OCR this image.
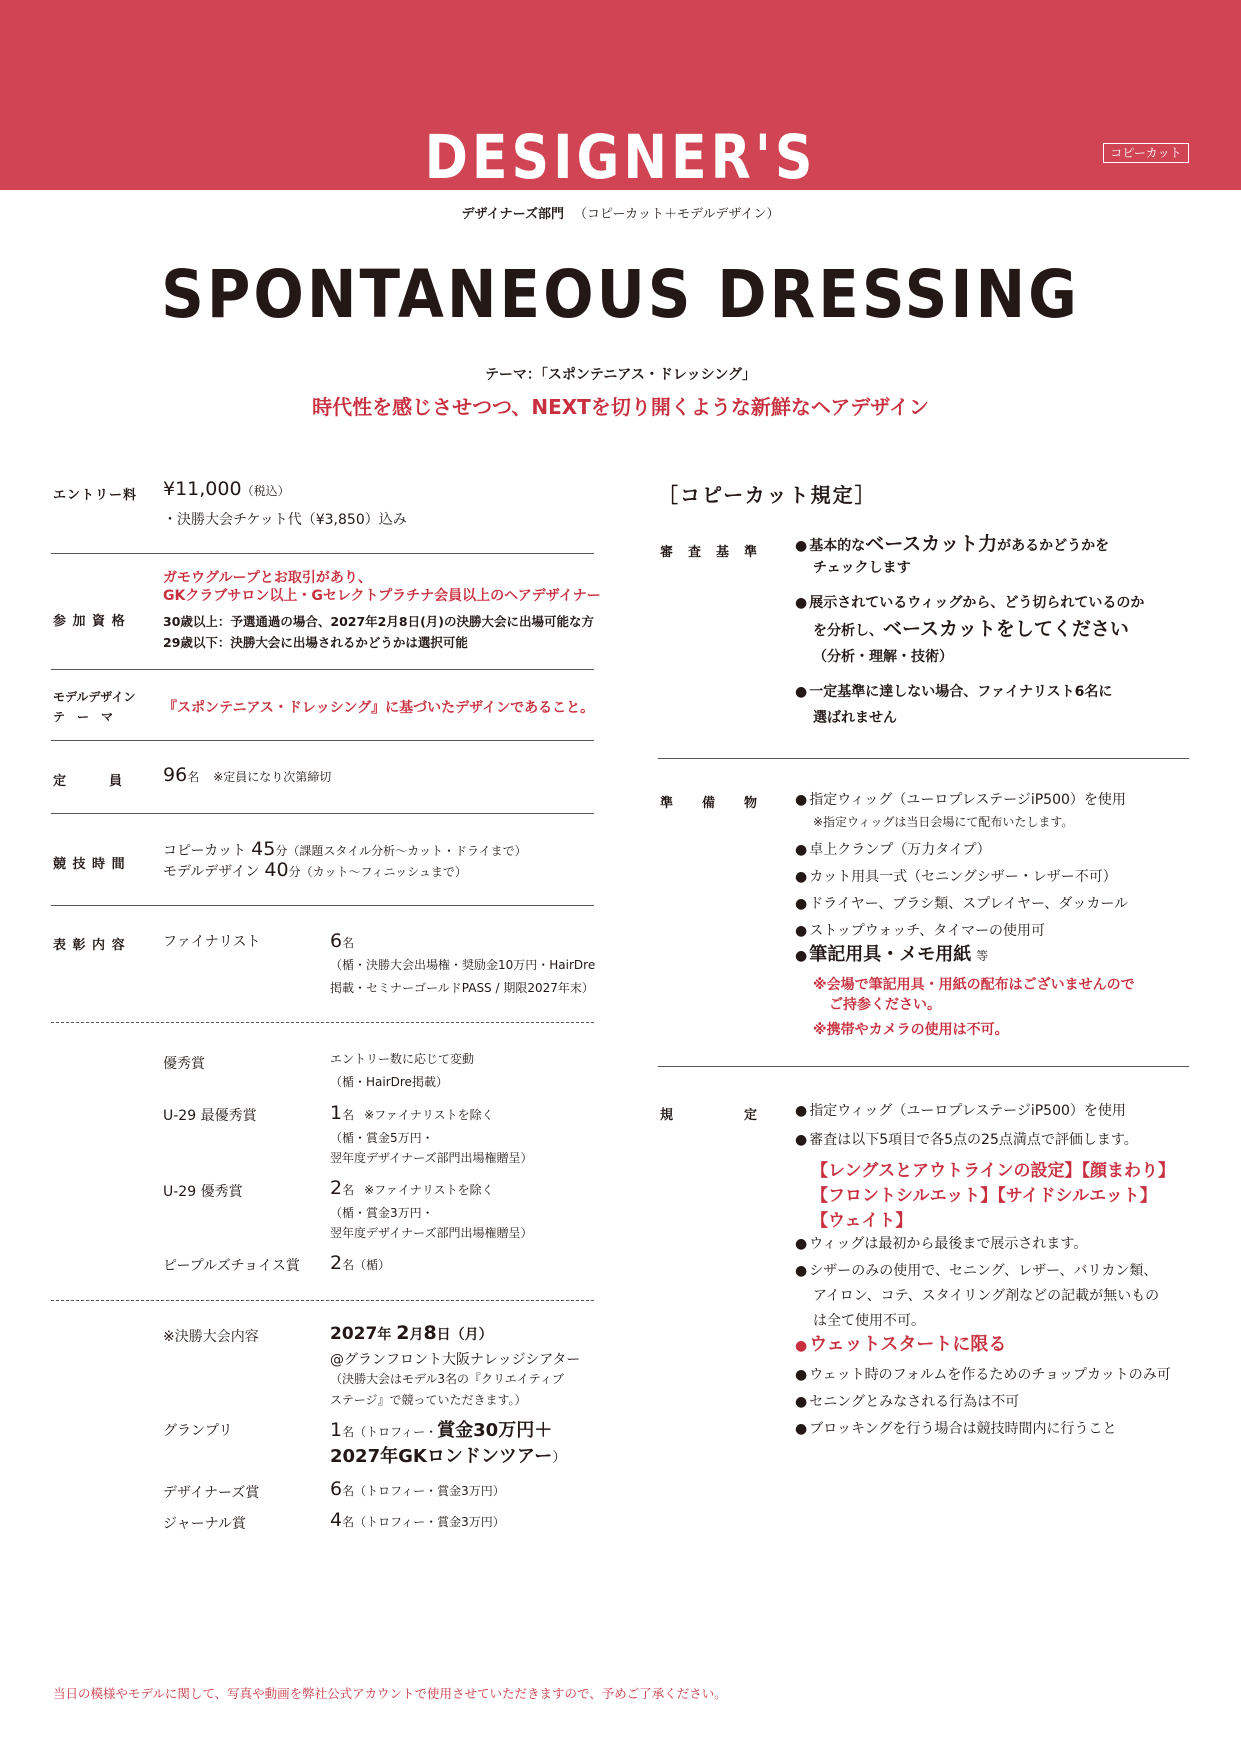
DESIGNER'S	コピーカット
デザイナーズ部門 （コピーカット＋モデルデザイン）
SPONTANEOUS DRESSING
テーマ：「スポンテニアス・ドレッシング」
時代性を感じさせつつ、NEXTを切り開くような新鮮なヘアデザイン
エントリー料 ¥11,000（税込）
・決勝大会チケット代（¥3,850）込み
参 加 資 格
ガモウグループとお取引があり、
GKクラブサロン以上・Gセレクトプラチナ会員以上のヘアデザイナー
30歳以上：予選通過の場合、2027年2月8日(月)の決勝大会に出場可能な方
29歳以下：決勝大会に出場されるかどうかは選択可能
モデルデザイン
テ　ー　マ
『スポンテニアス・ドレッシング』に基づいたデザインであること。
定　　　員 96名 ※定員になり次第締切
競 技 時 間
コピーカット 45分（課題スタイル分析～カット・ドライまで）
モデルデザイン 40分（カット～フィニッシュまで）
表 彰 内 容	ファイナリスト	6名
（楯・決勝大会出場権・奨励金10万円・HairDre
掲載・セミナーゴールドPASS / 期限2027年末）
優秀賞	エントリー数に応じて変動
（楯・HairDre掲載）
U-29 最優秀賞	1名 ※ファイナリストを除く
（楯・賞金5万円・
翌年度デザイナーズ部門出場権贈呈）
U-29 優秀賞	2名 ※ファイナリストを除く
（楯・賞金3万円・
翌年度デザイナーズ部門出場権贈呈）
ピープルズチョイス賞 2名（楯）
※決勝大会内容	2027年 2月8日（月）
@グランフロント大阪ナレッジシアター
（決勝大会はモデル3名の『クリエイティブ
ステージ』で競っていただきます。）
グランプリ	1名（トロフィー・賞金30万円＋
2027年GKロンドンツアー）
デザイナーズ賞	6名（トロフィー・賞金3万円）
ジャーナル賞	4名（トロフィー・賞金3万円）
［コピーカット規定］
審　査　基　準	● 基本的なベースカット力があるかどうかを
チェックします
● 展示されているウィッグから、どう切られているのか
を分析し、ベースカットをしてください
（分析・理解・技術）
● 一定基準に達しない場合、ファイナリスト6名に
選ばれません
準　　備　　物	● 指定ウィッグ（ユーロプレステージiP500）を使用
※指定ウィッグは当日会場にて配布いたします。
● 卓上クランプ（万力タイプ）
● カット用具一式（セニングシザー・レザー不可）
● ドライヤー、ブラシ類、スプレイヤー、ダッカール
● ストップウォッチ、タイマーの使用可
● 筆記用具・メモ用紙 等
※会場で筆記用具・用紙の配布はございませんので
ご持参ください。
※携帯やカメラの使用は不可。
規　　　　　定	● 指定ウィッグ（ユーロプレステージiP500）を使用
● 審査は以下5項目で各5点の25点満点で評価します。
【レングスとアウトラインの設定】【顔まわり】
【フロントシルエット】【サイドシルエット】
【ウェイト】
● ウィッグは最初から最後まで展示されます。
● シザーのみの使用で、セニング、レザー、バリカン類、
アイロン、コテ、スタイリング剤などの記載が無いもの
は全て使用不可。
● ウェットスタートに限る
● ウェット時のフォルムを作るためのチョップカットのみ可
● セニングとみなされる行為は不可
● ブロッキングを行う場合は競技時間内に行うこと
当日の模様やモデルに関して、写真や動画を弊社公式アカウントで使用させていただきますので、予めご了承ください。
